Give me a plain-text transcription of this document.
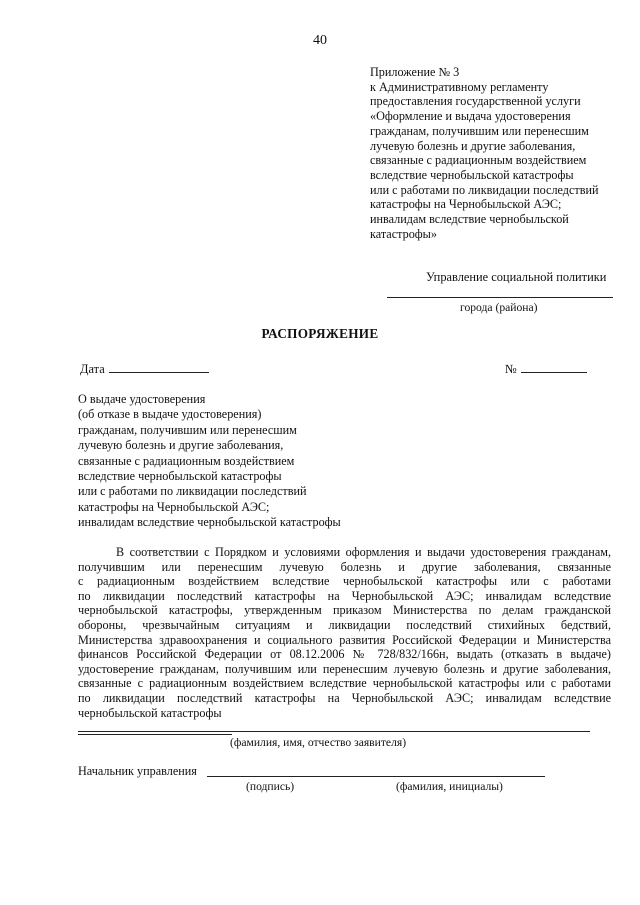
40
Приложение № 3
к Административному регламенту
предоставления государственной услуги
«Оформление и выдача удостоверения
гражданам, получившим или перенесшим
лучевую болезнь и другие заболевания,
связанные с радиационным воздействием
вследствие чернобыльской катастрофы
или с работами по ликвидации последствий
катастрофы на Чернобыльской АЭС;
инвалидам вследствие чернобыльской
катастрофы»
Управление социальной политики
города (района)
РАСПОРЯЖЕНИЕ
Дата	№
О выдаче удостоверения
(об отказе в выдаче удостоверения)
гражданам, получившим или перенесшим
лучевую болезнь и другие заболевания,
связанные с радиационным воздействием
вследствие чернобыльской катастрофы
или с работами по ликвидации последствий
катастрофы на Чернобыльской АЭС;
инвалидам вследствие чернобыльской катастрофы
В соответствии с Порядком и условиями оформления и выдачи удостоверения гражданам,
получившим или перенесшим лучевую болезнь и другие заболевания, связанные
с радиационным воздействием вследствие чернобыльской катастрофы или с работами
по ликвидации последствий катастрофы на Чернобыльской АЭС; инвалидам вследствие
чернобыльской катастрофы, утвержденным приказом Министерства по делам гражданской
обороны, чрезвычайным ситуациям и ликвидации последствий стихийных бедствий,
Министерства здравоохранения и социального развития Российской Федерации и Министерства
финансов Российской Федерации от 08.12.2006 № 728/832/166н, выдать (отказать в выдаче)
удостоверение гражданам, получившим или перенесшим лучевую болезнь и другие заболевания,
связанные с радиационным воздействием вследствие чернобыльской катастрофы или с работами
по ликвидации последствий катастрофы на Чернобыльской АЭС; инвалидам вследствие
чернобыльской катастрофы
(фамилия, имя, отчество заявителя)
Начальник управления
(подпись)	(фамилия, инициалы)
